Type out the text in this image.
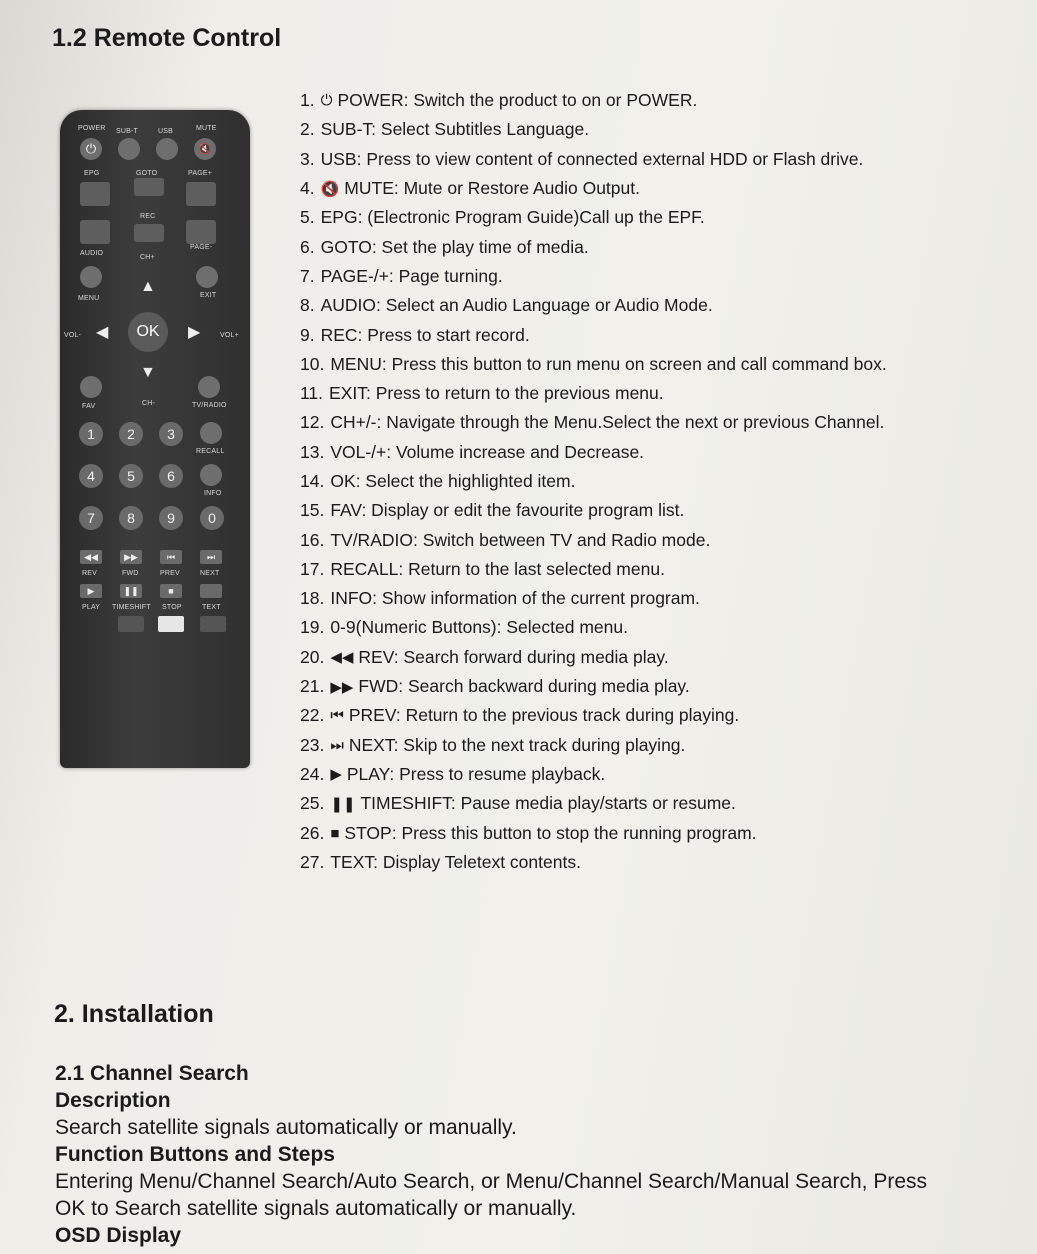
1.2 Remote Control
POWER SUB-T	USB	MUTE
⏻	🔇
EPG	GOTO	PAGE+
REC
AUDIO
CH+
PAGE-
MENU	EXIT
▲
▼
◀	▶
VOL-	VOL+
OK
FAV	CH-	TV/RADIO
1	2	3
RECALL
4	5	6
INFO
7	8	9	0
◀◀	▶▶	⏮	⏭
REV	FWD	PREV	NEXT
▶	❚❚	■
PLAY TIMESHIFT STOP	TEXT
1. ⏻ POWER: Switch the product to on or POWER.
2. SUB-T: Select Subtitles Language.
3. USB: Press to view content of connected external HDD or Flash drive.
4. 🔇 MUTE: Mute or Restore Audio Output.
5. EPG: (Electronic Program Guide)Call up the EPF.
6. GOTO: Set the play time of media.
7. PAGE-/+: Page turning.
8. AUDIO: Select an Audio Language or Audio Mode.
9. REC: Press to start record.
10. MENU: Press this button to run menu on screen and call command box.
11. EXIT: Press to return to the previous menu.
12. CH+/-: Navigate through the Menu.Select the next or previous Channel.
13. VOL-/+: Volume increase and Decrease.
14. OK: Select the highlighted item.
15. FAV: Display or edit the favourite program list.
16. TV/RADIO: Switch between TV and Radio mode.
17. RECALL: Return to the last selected menu.
18. INFO: Show information of the current program.
19. 0-9(Numeric Buttons): Selected menu.
20. ◀◀ REV: Search forward during media play.
21. ▶▶ FWD: Search backward during media play.
22. ⏮ PREV: Return to the previous track during playing.
23. ⏭ NEXT: Skip to the next track during playing.
24. ▶ PLAY: Press to resume playback.
25. ❚❚ TIMESHIFT: Pause media play/starts or resume.
26. ■ STOP: Press this button to stop the running program.
27. TEXT: Display Teletext contents.
2. Installation
2.1 Channel Search
Description
Search satellite signals automatically or manually.
Function Buttons and Steps
Entering Menu/Channel Search/Auto Search, or Menu/Channel Search/Manual Search, Press OK to Search satellite signals automatically or manually.
OSD Display
